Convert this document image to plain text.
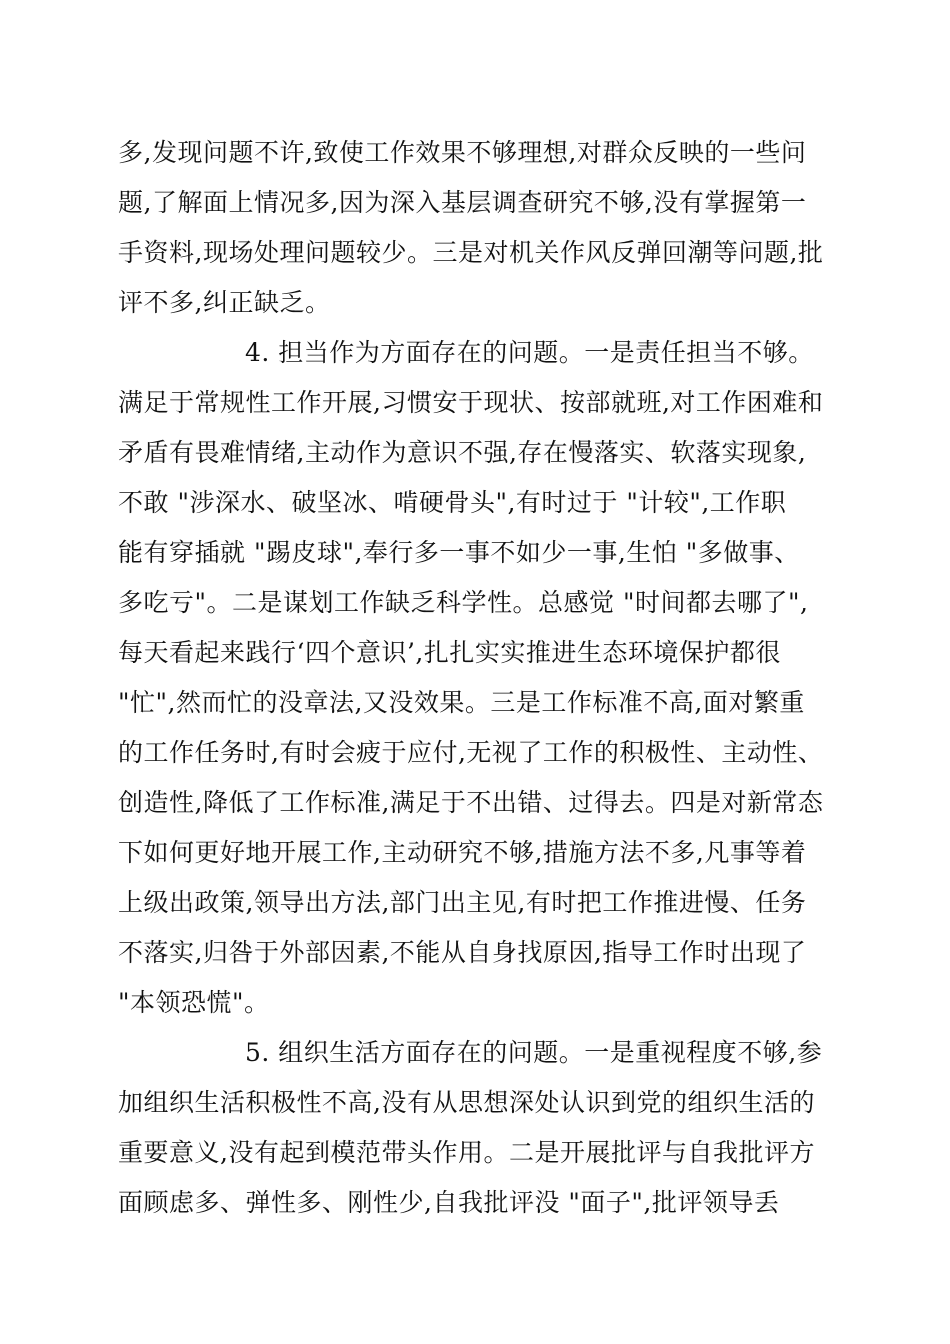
多,发现问题不许,致使工作效果不够理想,对群众反映的一些问
题,了解面上情况多,因为深入基层调查研究不够,没有掌握第一
手资料,现场处理问题较少。三是对机关作风反弹回潮等问题,批
评不多,纠正缺乏。
4. 担当作为方面存在的问题。一是责任担当不够。
满足于常规性工作开展,习惯安于现状、按部就班,对工作困难和
矛盾有畏难情绪,主动作为意识不强,存在慢落实、软落实现象,
不敢 "涉深水、破坚冰、啃硬骨头",有时过于 "计较",工作职
能有穿插就 "踢皮球",奉行多一事不如少一事,生怕 "多做事、
多吃亏"。二是谋划工作缺乏科学性。总感觉 "时间都去哪了",
每天看起来践行‘四个意识’,扎扎实实推进生态环境保护都很
"忙",然而忙的没章法,又没效果。三是工作标准不高,面对繁重
的工作任务时,有时会疲于应付,无视了工作的积极性、主动性、
创造性,降低了工作标准,满足于不出错、过得去。四是对新常态
下如何更好地开展工作,主动研究不够,措施方法不多,凡事等着
上级出政策,领导出方法,部门出主见,有时把工作推进慢、任务
不落实,归咎于外部因素,不能从自身找原因,指导工作时出现了
"本领恐慌"。
5. 组织生活方面存在的问题。一是重视程度不够,参
加组织生活积极性不高,没有从思想深处认识到党的组织生活的
重要意义,没有起到模范带头作用。二是开展批评与自我批评方
面顾虑多、弹性多、刚性少,自我批评没 "面子",批评领导丢
